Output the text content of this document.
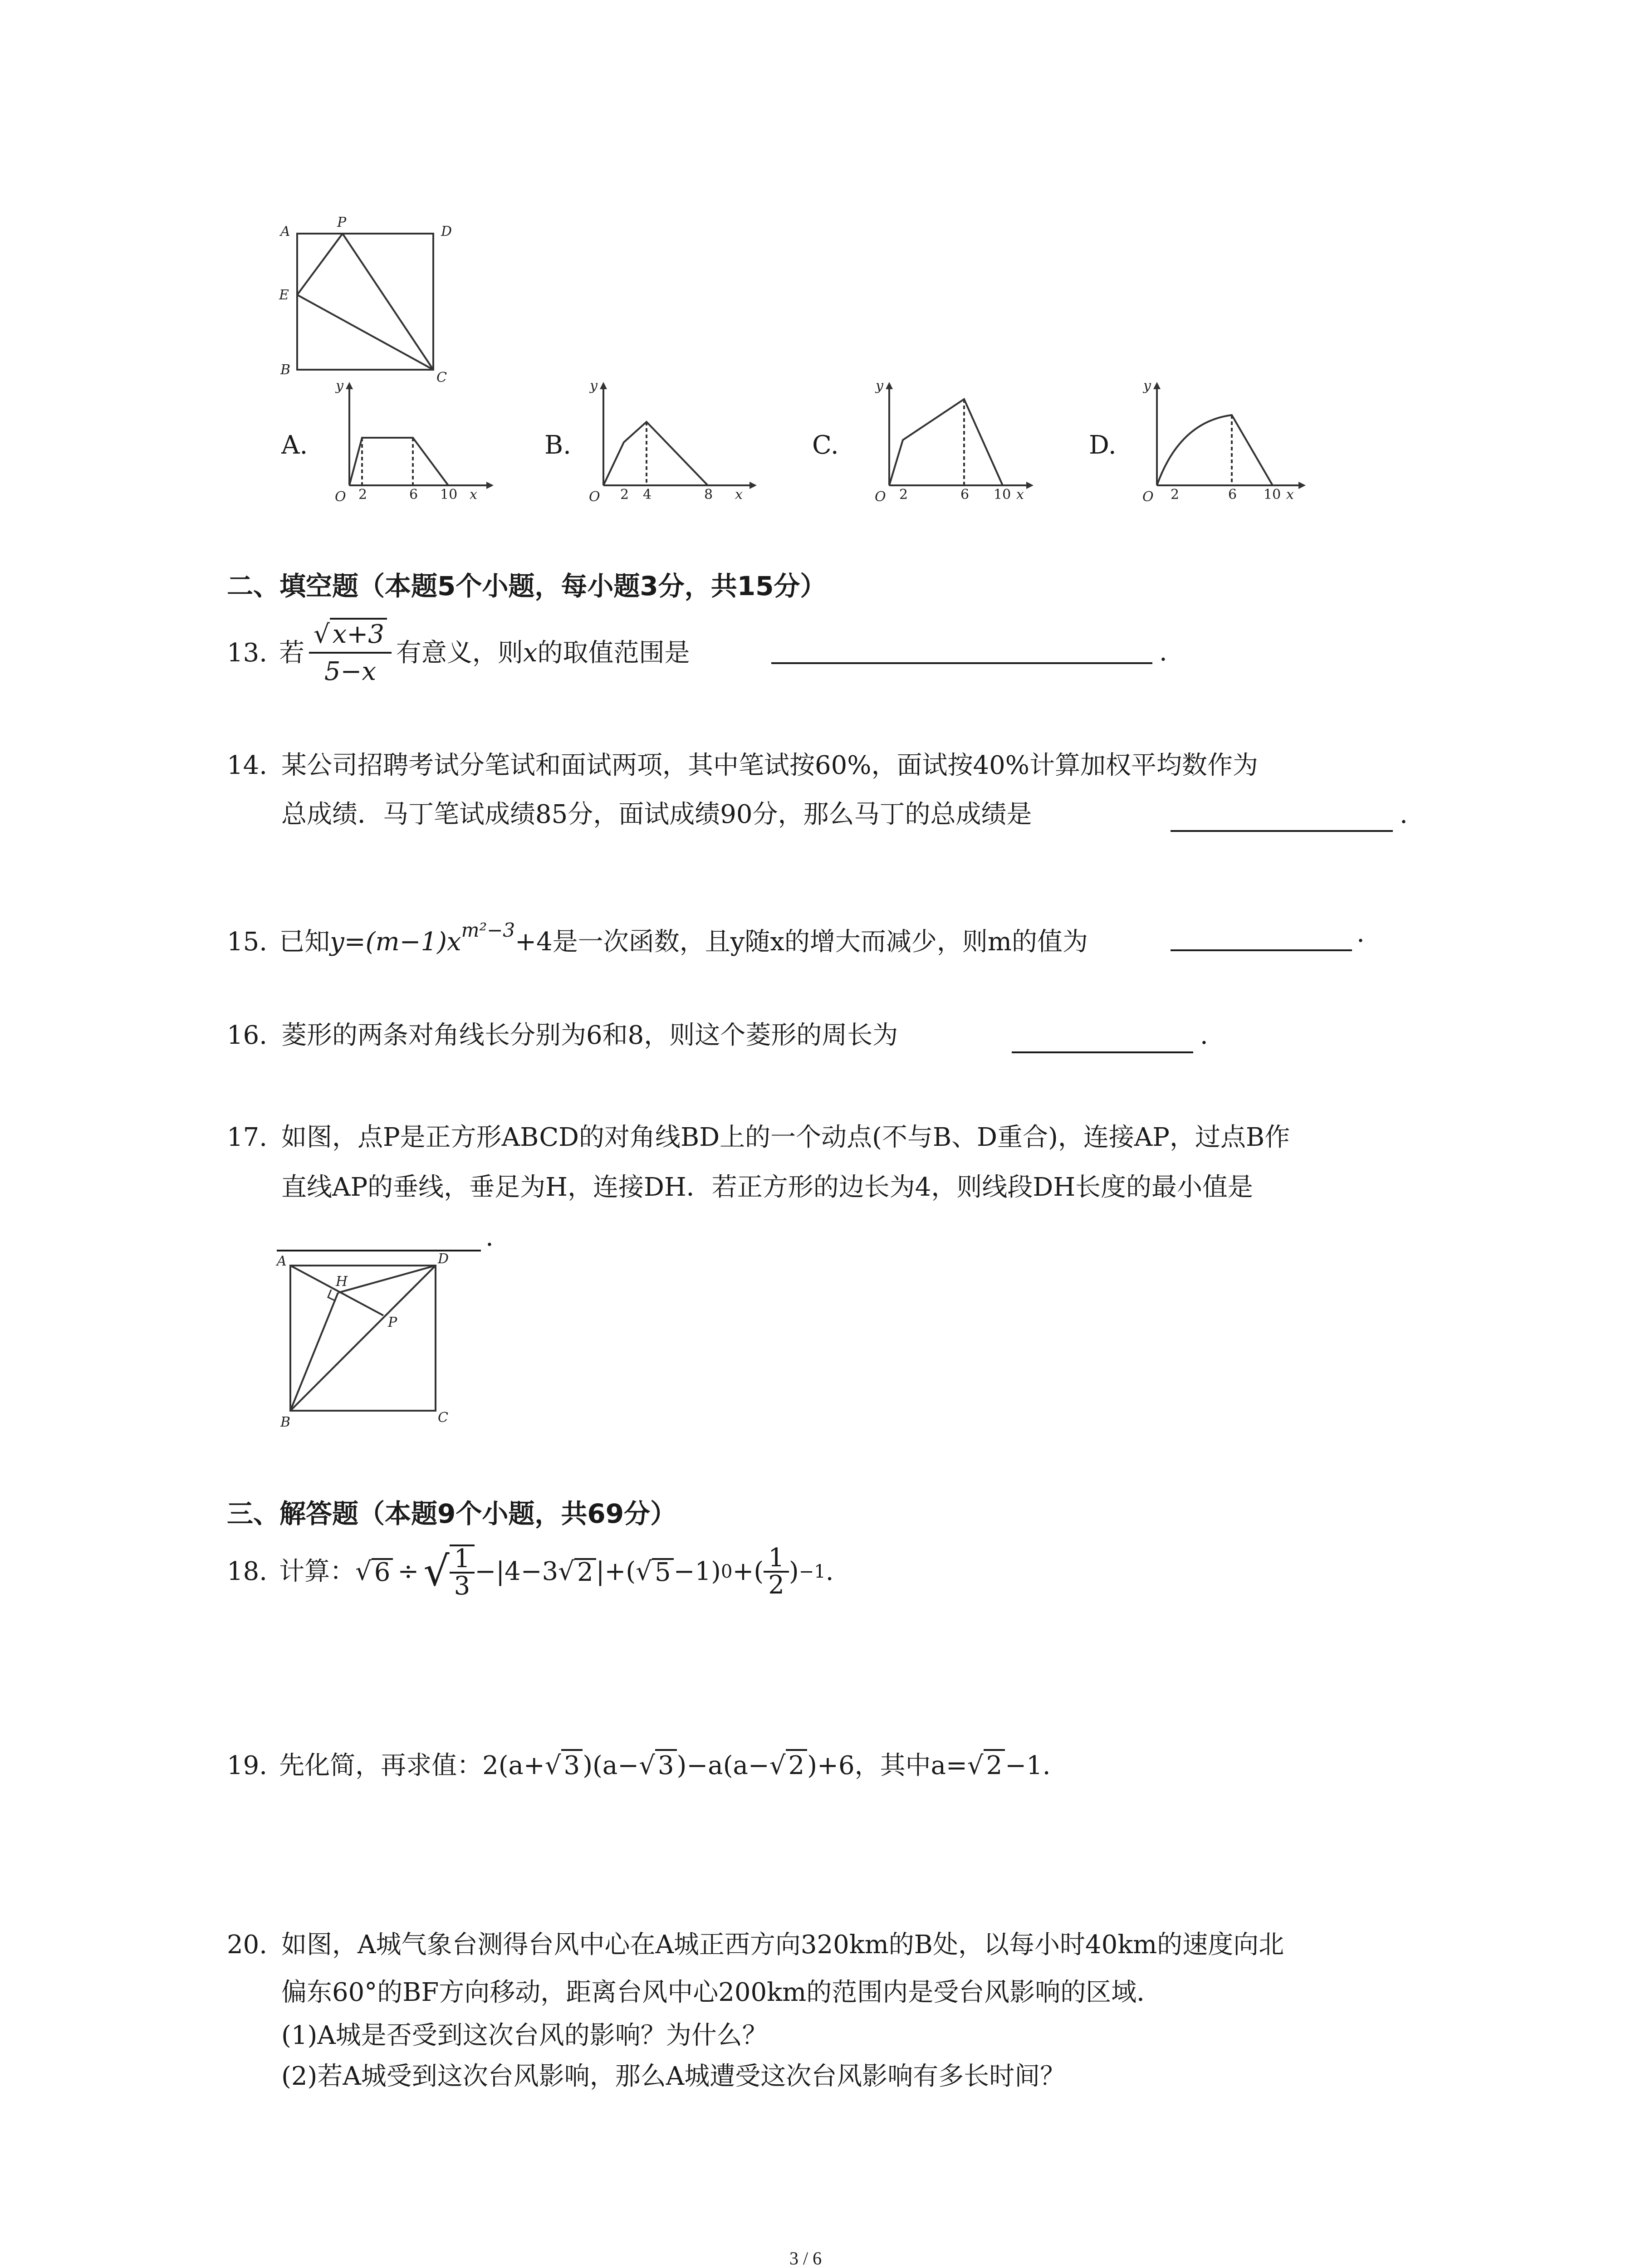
A
P
D
E
B	C
A.
y
O 2	6 10 x
B.
y
O 2 4	8 x
C.
y
O 2	6 10 x
D.
y
O 2	6 10 x
二、填空题（本题5个小题，每小题3分，共15分）
13. 若 $\frac{√ x+3}{5-x}$ 有意义，则 x 的取值范围是	.
14. 某公司招聘考试分笔试和面试两项，其中笔试按60%，面试按40%计算加权平均数作为
总成绩．马丁笔试成绩85分，面试成绩90分，那么马丁的总成绩是	.
15. 已知$y=(m-1)x^{m^2-3}+4$是一次函数，且y随x的增大而减少，则m的值为	.
16. 菱形的两条对角线长分别为6和8，则这个菱形的周长为	.
17. 如图，点P是正方形ABCD的对角线BD上的一个动点(不与B、D重合)，连接AP，过点B作
直线AP的垂线，垂足为H，连接DH．若正方形的边长为4，则线段DH长度的最小值是
.
A
H
D
P
B	C
三、解答题（本题9个小题，共69分）
18. 计算： √ 6 ÷ √ $\frac{1}{3} -|4-3$ √ 2 |+( √ 5 −1) 0 +( $\frac{1}{2}$ ) −1 .
19. 先化简，再求值：2(a+√ 3 )(a−√ 3 )−a(a−√ 2 )+6，其中a=√ 2 −1.
20. 如图，A城气象台测得台风中心在A城正西方向320km的B处，以每小时40km的速度向北
偏东60°的BF方向移动，距离台风中心200km的范围内是受台风影响的区域．
(1)A城是否受到这次台风的影响？为什么？
(2)若A城受到这次台风影响，那么A城遭受这次台风影响有多长时间？
3 / 6
